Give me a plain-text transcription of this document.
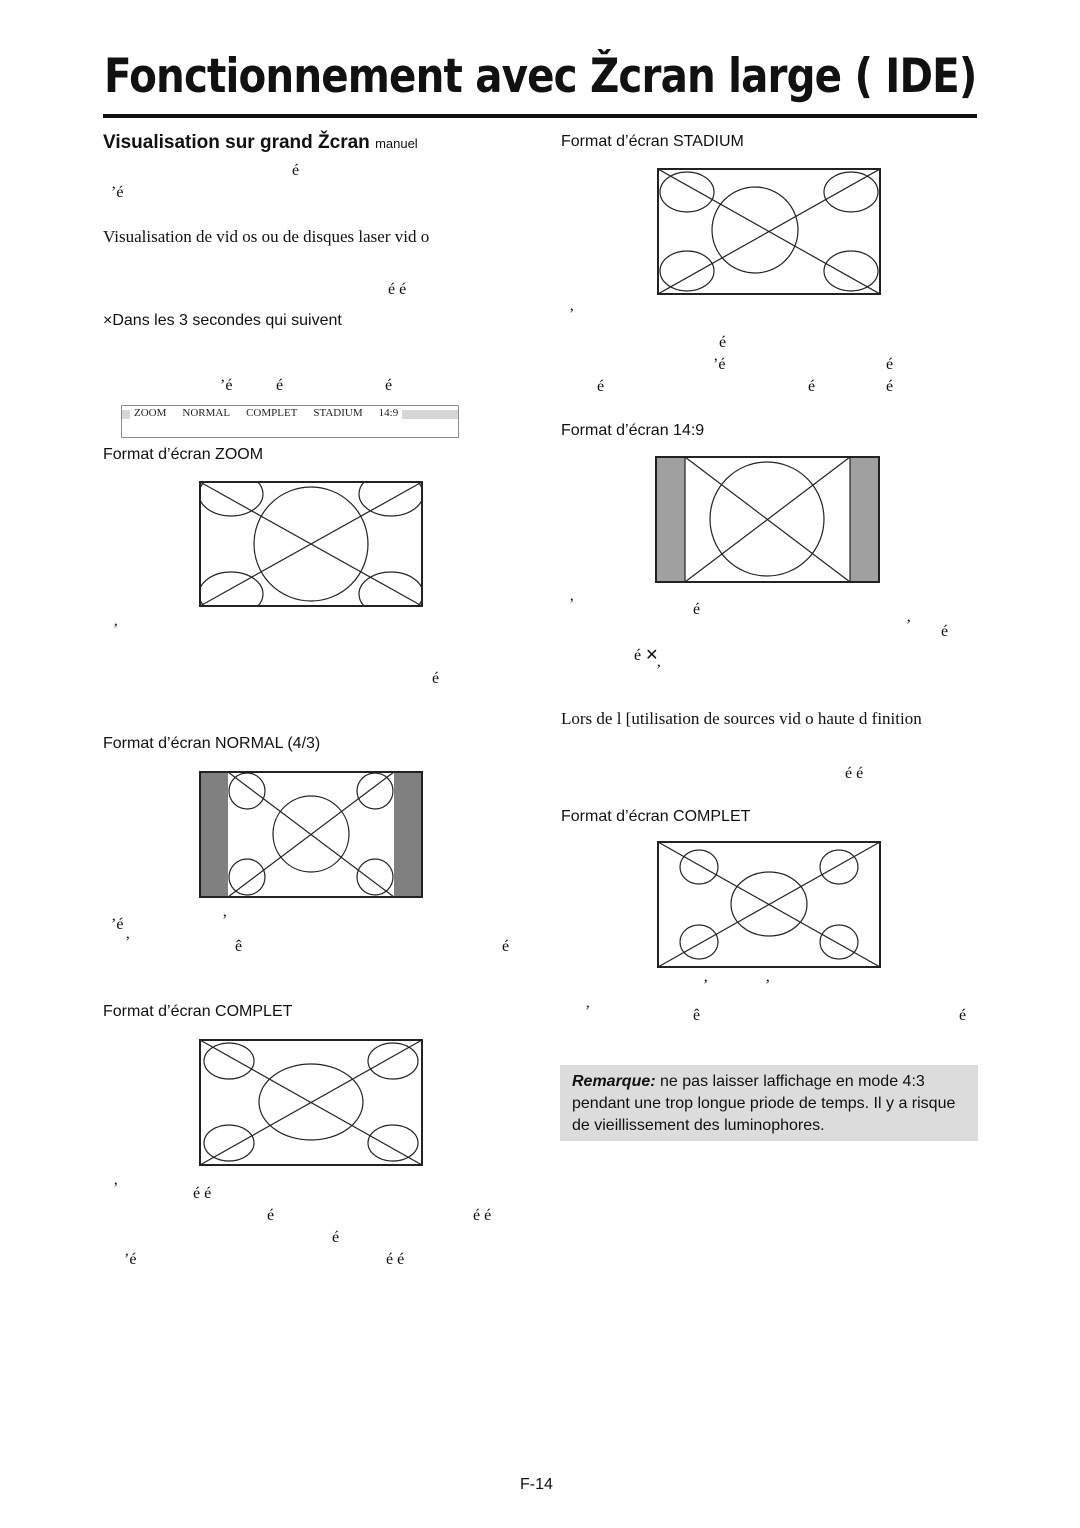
Fonctionnement avec Žcran large ( IDE)
Visualisation sur grand Žcran manuel
é
’é
Visualisation de vid os ou de disques laser vid o
é é
×Dans les 3 secondes qui suivent
’é	é	é
ZOOM NORMAL COMPLET STADIUM 14:9
Format d’écran ZOOM
’
é
Format d’écran NORMAL (4/3)
’é	’
’	ê	é
Format d’écran COMPLET
’	é é
é	é é
é
’é	é é
Format d’écran STADIUM
’
é
’é	é
é	é	é
Format d’écran 14:9
’	é
’ é
é ✕
’
Lors de l [utilisation de sources vid o haute d finition
é é
Format d’écran COMPLET
’	’
’	ê	é
Remarque: ne pas laisser laffichage en mode 4:3 pendant une trop longue priode de temps. Il y a risque de vieillissement des luminophores.
F-14
